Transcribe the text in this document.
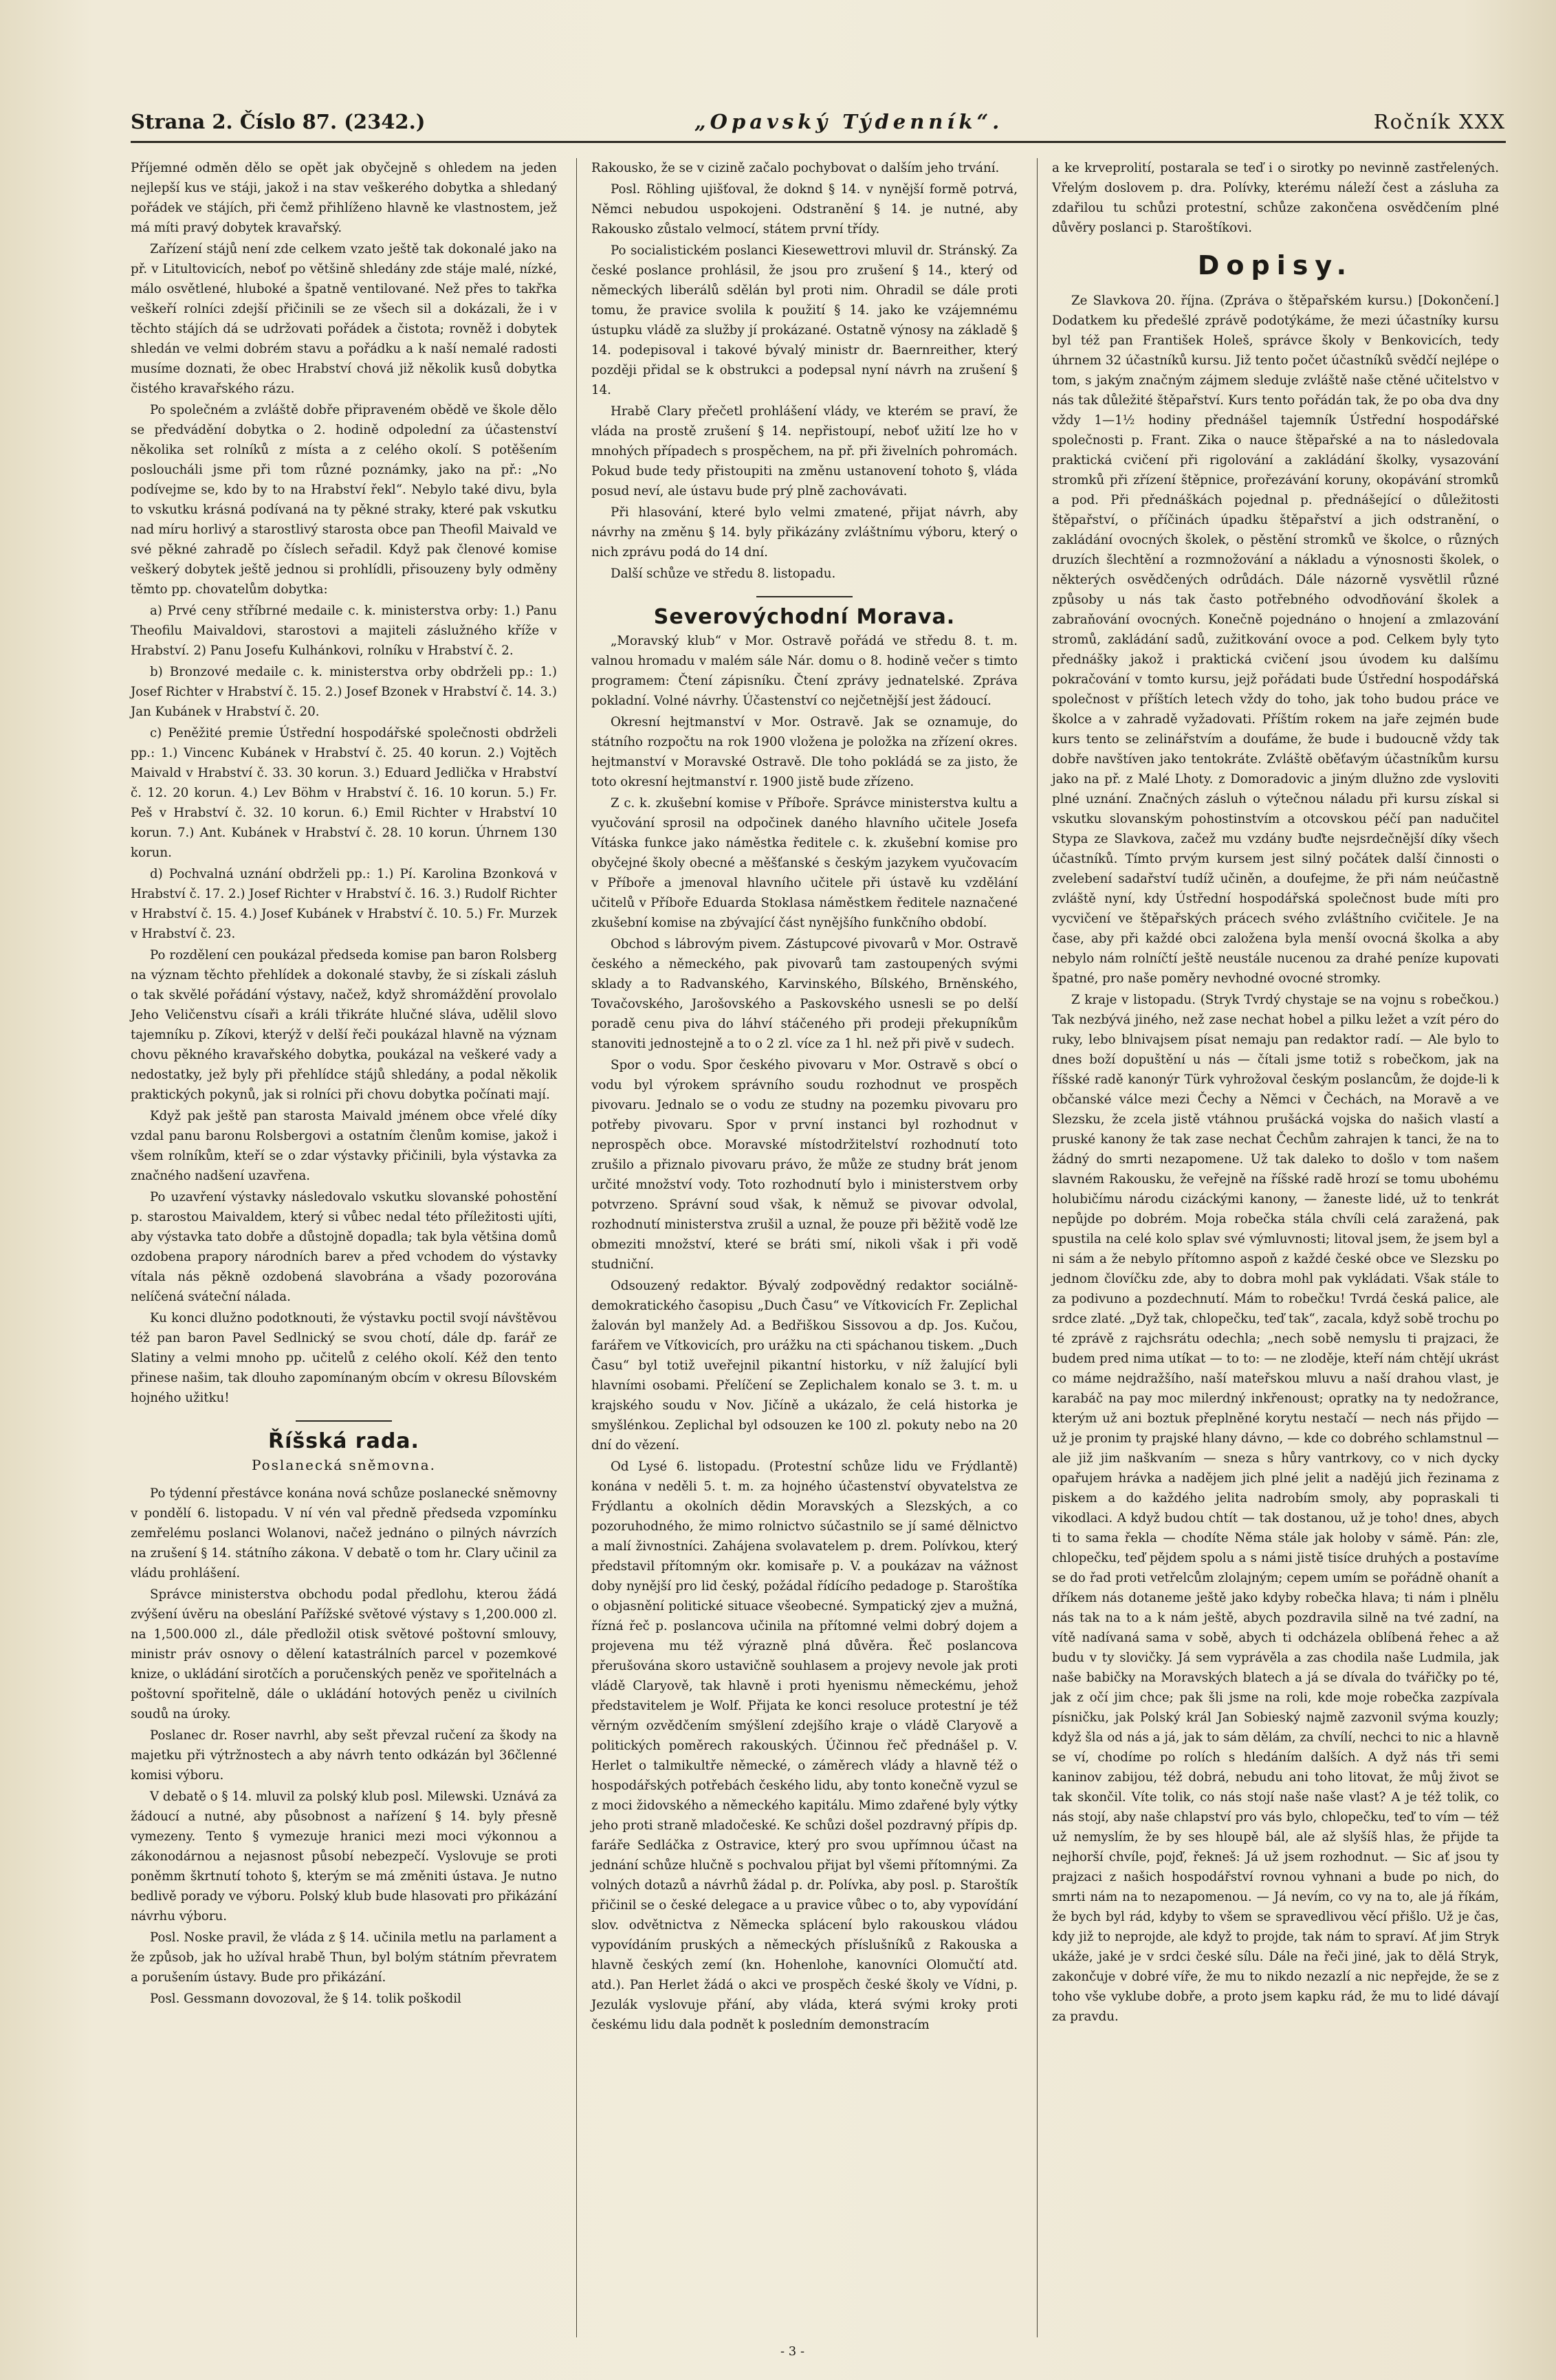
Strana 2. Číslo 87. (2342.)	„Opavský Týdenník“.	Ročník XXX

Příjemné odměn dělo se opět jak obyčejně s ohledem na jeden nejlepší kus ve stáji, jakož i na stav veškerého dobytka a shledaný pořádek ve stájích, při čemž přihlíženo hlavně ke vlastnostem, jež má míti pravý dobytek kravařský.

Zařízení stájů není zde celkem vzato ještě tak dokonalé jako na př. v Litultovicích, neboť po většině shledány zde stáje malé, nízké, málo osvětlené, hluboké a špatně ventilované. Než přes to takřka veškeří rolníci zdejší přičinili se ze všech sil a dokázali, že i v těchto stájích dá se udržovati pořádek a čistota; rovněž i dobytek shledán ve velmi dobrém stavu a pořádku a k naší nemalé radosti musíme doznati, že obec Hrabství chová již několik kusů dobytka čistého kravařského rázu.

Po společném a zvláště dobře připraveném obědě ve škole dělo se předvádění dobytka o 2. hodině odpolední za účastenství několika set rolníků z místa a z celého okolí. S potěšením posloucháli jsme při tom různé poznámky, jako na př.: „No podívejme se, kdo by to na Hrabství řekl“. Nebylo také divu, byla to vskutku krásná podívaná na ty pěkné straky, které pak vskutku nad míru horlivý a starostlivý starosta obce pan Theofil Maivald ve své pěkné zahradě po číslech seřadil. Když pak členové komise veškerý dobytek ještě jednou si prohlídli, přisouzeny byly odměny těmto pp. chovatelům dobytka:

a) Prvé ceny stříbrné medaile c. k. ministerstva orby: 1.) Panu Theofilu Maivaldovi, starostovi a majiteli záslužného kříže v Hrabství. 2) Panu Josefu Kulhánkovi, rolníku v Hrabství č. 2.

b) Bronzové medaile c. k. ministerstva orby obdrželi pp.: 1.) Josef Richter v Hrabství č. 15. 2.) Josef Bzonek v Hrabství č. 14. 3.) Jan Kubánek v Hrabství č. 20.

c) Peněžité premie Ústřední hospodářské společnosti obdrželi pp.: 1.) Vincenc Kubánek v Hrabství č. 25. 40 korun. 2.) Vojtěch Maivald v Hrabství č. 33. 30 korun. 3.) Eduard Jedlička v Hrabství č. 12. 20 korun. 4.) Lev Böhm v Hrabství č. 16. 10 korun. 5.) Fr. Peš v Hrabství č. 32. 10 korun. 6.) Emil Richter v Hrabství 10 korun. 7.) Ant. Kubánek v Hrabství č. 28. 10 korun. Úhrnem 130 korun.

d) Pochvalná uznání obdrželi pp.: 1.) Pí. Karolina Bzonková v Hrabství č. 17. 2.) Josef Richter v Hrabství č. 16. 3.) Rudolf Richter v Hrabství č. 15. 4.) Josef Kubánek v Hrabství č. 10. 5.) Fr. Murzek v Hrabství č. 23.

Po rozdělení cen poukázal předseda komise pan baron Rolsberg na význam těchto přehlídek a dokonalé stavby, že si získali zásluh o tak skvělé pořádání výstavy, načež, když shromáždění provolalo Jeho Veličenstvu císaři a králi třikráte hlučné sláva, udělil slovo tajemníku p. Zíkovi, kterýž v delší řeči poukázal hlavně na význam chovu pěkného kravařského dobytka, poukázal na veškeré vady a nedostatky, jež byly při přehlídce stájů shledány, a podal několik praktických pokynů, jak si rolníci při chovu dobytka počínati mají.

Když pak ještě pan starosta Maivald jménem obce vřelé díky vzdal panu baronu Rolsbergovi a ostatním členům komise, jakož i všem rolníkům, kteří se o zdar výstavky přičinili, byla výstavka za značného nadšení uzavřena.

Po uzavření výstavky následovalo vskutku slovanské pohostění p. starostou Maivaldem, který si vůbec nedal této příležitosti ujíti, aby výstavka tato dobře a důstojně dopadla; tak byla většina domů ozdobena prapory národních barev a před vchodem do výstavky vítala nás pěkně ozdobená slavobrána a všady pozorována nelíčená sváteční nálada.

Ku konci dlužno podotknouti, že výstavku poctil svojí návštěvou též pan baron Pavel Sedlnický se svou chotí, dále dp. farář ze Slatiny a velmi mnoho pp. učitelů z celého okolí. Kéž den tento přinese našim, tak dlouho zapomínaným obcím v okresu Bílovském hojného užitku!

Říšská rada.
Poslanecká sněmovna.

Po týdenní přestávce konána nová schůze poslanecké sněmovny v pondělí 6. listopadu. V ní vén val předně předseda vzpomínku zemřelému poslanci Wolanovi, načež jednáno o pilných návrzích na zrušení § 14. státního zákona. V debatě o tom hr. Clary učinil za vládu prohlášení.

Správce ministerstva obchodu podal předlohu, kterou žádá zvýšení úvěru na obeslání Pařížské světové výstavy s 1,200.000 zl. na 1,500.000 zl., dále předložil otisk světové poštovní smlouvy, ministr práv osnovy o dělení katastrálních parcel v pozemkové knize, o ukládání sirotčích a poručenských peněz ve spořitelnách a poštovní spořitelně, dále o ukládání hotových peněz u civilních soudů na úroky.

Poslanec dr. Roser navrhl, aby sešt převzal ručení za škody na majetku při výtržnostech a aby návrh tento odkázán byl 36členné komisi výboru.

V debatě o § 14. mluvil za polský klub posl. Milewski. Uznává za žádoucí a nutné, aby působnost a nařízení § 14. byly přesně vymezeny. Tento § vymezuje hranici mezi moci výkonnou a zákonodárnou a nejasnost působí nebezpečí. Vyslovuje se proti poněmm škrtnutí tohoto §, kterým se má změniti ústava. Je nutno bedlivě porady ve výboru. Polský klub bude hlasovati pro přikázání návrhu výboru.

Posl. Noske pravil, že vláda z § 14. učinila metlu na parlament a že způsob, jak ho užíval hrabě Thun, byl bolým státním převratem a porušením ústavy. Bude pro přikázání.

Posl. Gessmann dovozoval, že § 14. tolik poškodil

Rakousko, že se v cizině začalo pochybovat o dalším jeho trvání.

Posl. Röhling ujišťoval, že doknd § 14. v nynější formě potrvá, Němci nebudou uspokojeni. Odstranění § 14. je nutné, aby Rakousko zůstalo velmocí, státem první třídy.

Po socialistickém poslanci Kiesewettrovi mluvil dr. Stránský. Za české poslance prohlásil, že jsou pro zrušení § 14., který od německých liberálů sdělán byl proti nim. Ohradil se dále proti tomu, že pravice svolila k použití § 14. jako ke vzájemnému ústupku vládě za služby jí prokázané. Ostatně výnosy na základě § 14. podepisoval i takové bývalý ministr dr. Baernreither, který později přidal se k obstrukci a podepsal nyní návrh na zrušení § 14.

Hrabě Clary přečetl prohlášení vlády, ve kterém se praví, že vláda na prostě zrušení § 14. nepřistoupí, neboť užití lze ho v mnohých případech s prospěchem, na př. při živelních pohromách. Pokud bude tedy přistoupiti na změnu ustanovení tohoto §, vláda posud neví, ale ústavu bude prý plně zachovávati.

Při hlasování, které bylo velmi zmatené, přijat návrh, aby návrhy na změnu § 14. byly přikázány zvláštnímu výboru, který o nich zprávu podá do 14 dní.

Další schůze ve středu 8. listopadu.

Severovýchodní Morava.

„Moravský klub“ v Mor. Ostravě pořádá ve středu 8. t. m. valnou hromadu v malém sále Nár. domu o 8. hodině večer s timto programem: Čtení zápisníku. Čtení zprávy jednatelské. Zpráva pokladní. Volné návrhy. Účastenství co nejčetnější jest žádoucí.

Okresní hejtmanství v Mor. Ostravě. Jak se oznamuje, do státního rozpočtu na rok 1900 vložena je položka na zřízení okres. hejtmanství v Moravské Ostravě. Dle toho pokládá se za jisto, že toto okresní hejtmanství r. 1900 jistě bude zřízeno.

Z c. k. zkušební komise v Příboře. Správce ministerstva kultu a vyučování sprosil na odpočinek daného hlavního učitele Josefa Vításka funkce jako náměstka ředitele c. k. zkušební komise pro obyčejné školy obecné a měšťanské s českým jazykem vyučovacím v Příboře a jmenoval hlavního učitele při ústavě ku vzdělání učitelů v Příboře Eduarda Stoklasa náměstkem ředitele naznačené zkušební komise na zbývající část nynějšího funkčního období.

Obchod s lábrovým pivem. Zástupcové pivovarů v Mor. Ostravě českého a německého, pak pivovarů tam zastoupených svými sklady a to Radvanského, Karvinského, Bílského, Brněnského, Tovačovského, Jarošovského a Paskovského usnesli se po delší poradě cenu piva do láhví stáčeného při prodeji překupníkům stanoviti jednostejně a to o 2 zl. více za 1 hl. než při pivě v sudech.

Spor o vodu. Spor českého pivovaru v Mor. Ostravě s obcí o vodu byl výrokem správního soudu rozhodnut ve prospěch pivovaru. Jednalo se o vodu ze studny na pozemku pivovaru pro potřeby pivovaru. Spor v první instanci byl rozhodnut v neprospěch obce. Moravské místodržitelství rozhodnutí toto zrušilo a přiznalo pivovaru právo, že může ze studny brát jenom určité množství vody. Toto rozhodnutí bylo i ministerstvem orby potvrzeno. Správní soud však, k němuž se pivovar odvolal, rozhodnutí ministerstva zrušil a uznal, že pouze při běžitě vodě lze obmeziti množství, které se bráti smí, nikoli však i při vodě studniční.

Odsouzený redaktor. Bývalý zodpovědný redaktor sociálně-demokratického časopisu „Duch Času“ ve Vítkovicích Fr. Zeplichal žalován byl manžely Ad. a Bedřiškou Sissovou a dp. Jos. Kučou, farářem ve Vítkovicích, pro urážku na cti spáchanou tiskem. „Duch Času“ byl totiž uveřejnil pikantní historku, v níž žalující byli hlavními osobami. Přelíčení se Zeplichalem konalo se 3. t. m. u krajského soudu v Nov. Jičíně a ukázalo, že celá historka je smyšlénkou. Zeplichal byl odsouzen ke 100 zl. pokuty nebo na 20 dní do vězení.

Od Lysé 6. listopadu. (Protestní schůze lidu ve Frýdlantě) konána v neděli 5. t. m. za hojného účastenství obyvatelstva ze Frýdlantu a okolních dědin Moravských a Slezských, a co pozoruhodného, že mimo rolnictvo súčastnilo se jí samé dělnictvo a malí živnostníci. Zahájena svolavatelem p. drem. Polívkou, který představil přítomným okr. komisaře p. V. a poukázav na vážnost doby nynější pro lid český, požádal řídícího pedadoge p. Staroštíka o objasnění politické situace všeobecné. Sympatický zjev a mužná, řízná řeč p. poslancova učinila na přítomné velmi dobrý dojem a projevena mu též výrazně plná důvěra. Řeč poslancova přerušována skoro ustavičně souhlasem a projevy nevole jak proti vládě Claryově, tak hlavně i proti hyenismu německému, jehož představitelem je Wolf. Přijata ke konci resoluce protestní je též věrným ozvědčením smýšlení zdejšího kraje o vládě Claryově a politických poměrech rakouských. Účinnou řeč přednášel p. V. Herlet o talmikultře německé, o záměrech vlády a hlavně též o hospodářských potřebách českého lidu, aby tonto konečně vyzul se z moci židovského a německého kapitálu. Mimo zdařené byly výtky jeho proti straně mladočeské. Ke schůzi došel pozdravný přípis dp. faráře Sedláčka z Ostravice, který pro svou upřímnou účast na jednání schůze hlučně s pochvalou přijat byl všemi přítomnými. Za volných dotazů a návrhů žádal p. dr. Polívka, aby posl. p. Staroštík přičinil se o české delegace a u pravice vůbec o to, aby vypovídání slov. odvětnictva z Německa splácení bylo rakouskou vládou vypovídáním pruských a německých příslušníků z Rakouska a hlavně českých zemí (kn. Hohenlohe, kanovníci Olomučtí atd. atd.). Pan Herlet žádá o akci ve prospěch české školy ve Vídni, p. Jezulák vyslovuje přání, aby vláda, která svými kroky proti českému lidu dala podnět k posledním demonstracím

a ke krveprolití, postarala se teď i o sirotky po nevinně zastřelených. Vřelým doslovem p. dra. Polívky, kterému náleží čest a zásluha za zdařilou tu schůzi protestní, schůze zakončena osvědčením plné důvěry poslanci p. Staroštíkovi.

Dopisy.

Ze Slavkova 20. října. (Zpráva o štěpařském kursu.) [Dokončení.] Dodatkem ku předešlé zprávě podotýkáme, že mezi účastníky kursu byl též pan František Holeš, správce školy v Benkovicích, tedy úhrnem 32 účastníků kursu. Již tento počet účastníků svědčí nejlépe o tom, s jakým značným zájmem sleduje zvláště naše ctěné učitelstvo v nás tak důležité štěpařství. Kurs tento pořádán tak, že po oba dva dny vždy 1—1½ hodiny přednášel tajemník Ústřední hospodářské společnosti p. Frant. Zika o nauce štěpařské a na to následovala praktická cvičení při rigolování a zakládání školky, vysazování stromků při zřízení štěpnice, prořezávání koruny, okopávání stromků a pod. Při přednáškách pojednal p. přednášející o důležitosti štěpařství, o příčinách úpadku štěpařství a jich odstranění, o zakládání ovocných školek, o pěstění stromků ve školce, o různých druzích šlechtění a rozmnožování a nákladu a výnosnosti školek, o některých osvědčených odrůdách. Dále názorně vysvětlil různé způsoby u nás tak často potřebného odvodňování školek a zabraňování ovocných. Konečně pojednáno o hnojení a zmlazování stromů, zakládání sadů, zužitkování ovoce a pod. Celkem byly tyto přednášky jakož i praktická cvičení jsou úvodem ku dalšímu pokračování v tomto kursu, jejž pořádati bude Ústřední hospodářská společnost v příštích letech vždy do toho, jak toho budou práce ve školce a v zahradě vyžadovati. Příštím rokem na jaře zejmén bude kurs tento se zelinářstvím a doufáme, že bude i budoucně vždy tak dobře navštíven jako tentokráte. Zvláště oběťavým účastníkům kursu jako na př. z Malé Lhoty. z Domoradovic a jiným dlužno zde vysloviti plné uznání. Značných zásluh o výtečnou náladu při kursu získal si vskutku slovanským pohostinstvím a otcovskou péčí pan nadučitel Stypa ze Slavkova, začež mu vzdány buďte nejsrdečnější díky všech účastníků. Tímto prvým kursem jest silný počátek další činnosti o zvelebení sadařství tudíž učiněn, a doufejme, že při nám neúčastně zvláště nyní, kdy Ústřední hospodářská společnost bude míti pro vycvičení ve štěpařských prácech svého zvláštního cvičitele. Je na čase, aby při každé obci založena byla menší ovocná školka a aby nebylo nám rolníčtí ještě neustále nucenou za drahé peníze kupovati špatné, pro naše poměry nevhodné ovocné stromky.

Z kraje v listopadu. (Stryk Tvrdý chystaje se na vojnu s robečkou.) Tak nezbývá jiného, než zase nechat hobel a pilku ležet a vzít péro do ruky, lebo blnivajsem písat nemaju pan redaktor radí. — Ale bylo to dnes boží dopuštění u nás — čítali jsme totiž s robečkom, jak na říšské radě kanonýr Türk vyhrožoval českým poslancům, že dojde-li k občanské válce mezi Čechy a Němci v Čechách, na Moravě a ve Slezsku, že zcela jistě vtáhnou prušácká vojska do našich vlastí a pruské kanony že tak zase nechat Čechům zahrajen k tanci, že na to žádný do smrti nezapomene. Už tak daleko to došlo v tom našem slavném Rakousku, že veřejně na říšské radě hrozí se tomu ubohému holubičímu národu cizáckými kanony, — žaneste lidé, už to tenkrát nepůjde po dobrém. Moja robečka stála chvíli celá zaražená, pak spustila na celé kolo splav své výmluvnosti; litoval jsem, že jsem byl a ni sám a že nebylo přítomno aspoň z každé české obce ve Slezsku po jednom človíčku zde, aby to dobra mohl pak vykládati. Však stále to za podivuno a pozdechnutí. Mám to robečku! Tvrdá česká palice, ale srdce zlaté. „Dyž tak, chlopečku, teď tak“, zacala, když sobě trochu po té zprávě z rajchsrátu odechla; „nech sobě nemyslu ti prajzaci, že budem pred nima utíkat — to to: — ne zloděje, kteří nám chtějí ukrást co máme nejdražšího, naší mateřskou mluvu a naší drahou vlast, je karabáč na pay moc milerdný inkřenoust; opratky na ty nedožrance, kterým už ani boztuk přeplněné korytu nestačí — nech nás přijdo — už je pronim ty prajské hlany dávno, — kde co dobrého schlamstnul — ale již jim naškvaním — sneza s hůry vantrkovy, co v nich dycky opařujem hrávka a nadějem jich plné jelit a nadějú jich řezinama z piskem a do každého jelita nadrobím smoly, aby popraskali ti vikodlaci. A když budou chtít — tak dostanou, už je toho! dnes, abych ti to sama řekla — chodíte Něma stále jak holoby v sámě. Pán: zle, chlopečku, teď pějdem spolu a s námi jistě tisíce druhých a postavíme se do řad proti vetřelcům zlolajným; cepem umím se pořádně ohanít a dříkem nás dotaneme ještě jako kdyby robečka hlava; ti nám i plnělu nás tak na to a k nám ještě, abych pozdravila silně na tvé zadní, na vítě nadívaná sama v sobě, abych ti odcházela oblíbená řehec a až budu v ty slovičky. Já sem vyprávěla a zas chodila naše Ludmila, jak naše babičky na Moravských blatech a já se dívala do tvářičky po té, jak z očí jim chce; pak šli jsme na roli, kde moje robečka zazpívala písničku, jak Polský král Jan Sobieský najmě zazvonil svýma kouzly; když šla od nás a já, jak to sám dělám, za chvílí, nechci to nic a hlavně se ví, chodíme po rolích s hledáním dalších. A dyž nás tři semi kaninov zabijou, též dobrá, nebudu ani toho litovat, že můj život se tak skončil. Víte tolik, co nás stojí naše naše vlast? A je též tolik, co nás stojí, aby naše chlapství pro vás bylo, chlopečku, teď to vím — též už nemyslím, že by ses hloupě bál, ale až slyšíš hlas, že přijde ta nejhorší chvíle, pojď, řekneš: Já už jsem rozhodnut. — Sic ať jsou ty prajzaci z našich hospodářství rovnou vyhnani a bude po nich, do smrti nám na to nezapomenou. — Já nevím, co vy na to, ale já říkám, že bych byl rád, kdyby to všem se spravedlivou věcí přišlo. Už je čas, kdy již to neprojde, ale když to projde, tak nám to spraví. Ať jim Stryk ukáže, jaké je v srdci české sílu. Dále na řeči jiné, jak to dělá Stryk, zakončuje v dobré víře, že mu to nikdo nezazlí a nic nepřejde, že se z toho vše vyklube dobře, a proto jsem kapku rád, že mu to lidé dávají za pravdu.

- 3 -
